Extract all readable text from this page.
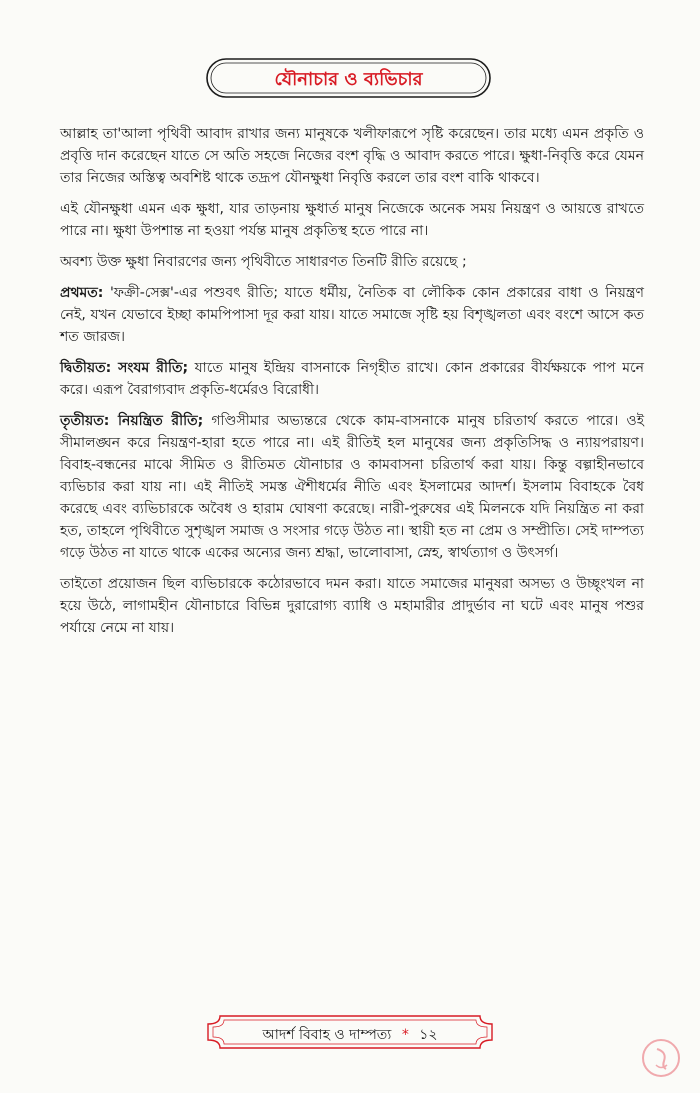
যৌনাচার ও ব্যভিচার

আল্লাহ তা'আলা পৃথিবী আবাদ রাখার জন্য মানুষকে খলীফারূপে সৃষ্টি করেছেন। তার মধ্যে এমন প্রকৃতি ও প্রবৃত্তি দান করেছেন যাতে সে অতি সহজে নিজের বংশ বৃদ্ধি ও আবাদ করতে পারে। ক্ষুধা-নিবৃত্তি করে যেমন তার নিজের অস্তিত্ব অবশিষ্ট থাকে তদ্রূপ যৌনক্ষুধা নিবৃত্তি করলে তার বংশ বাকি থাকবে।

এই যৌনক্ষুধা এমন এক ক্ষুধা, যার তাড়নায় ক্ষুধার্ত মানুষ নিজেকে অনেক সময় নিয়ন্ত্রণ ও আয়ত্তে রাখতে পারে না। ক্ষুধা উপশান্ত না হওয়া পর্যন্ত মানুষ প্রকৃতিস্থ হতে পারে না।

অবশ্য উক্ত ক্ষুধা নিবারণের জন্য পৃথিবীতে সাধারণত তিনটি রীতি রয়েছে ;

প্রথমত: 'ফক্রী-সেক্স'-এর পশুবৎ রীতি; যাতে ধর্মীয়, নৈতিক বা লৌকিক কোন প্রকারের বাধা ও নিয়ন্ত্রণ নেই, যখন যেভাবে ইচ্ছা কামপিপাসা দূর করা যায়। যাতে সমাজে সৃষ্টি হয় বিশৃঙ্খলতা এবং বংশে আসে কত শত জারজ।

দ্বিতীয়ত: সংযম রীতি; যাতে মানুষ ইন্দ্রিয় বাসনাকে নিগৃহীত রাখে। কোন প্রকারের বীর্যক্ষয়কে পাপ মনে করে। এরূপ বৈরাগ্যবাদ প্রকৃতি-ধর্মেরও বিরোধী।

তৃতীয়ত: নিয়ন্ত্রিত রীতি; গণ্ডিসীমার অভ্যন্তরে থেকে কাম-বাসনাকে মানুষ চরিতার্থ করতে পারে। ওই সীমালঙ্ঘন করে নিয়ন্ত্রণ-হারা হতে পারে না। এই রীতিই হল মানুষের জন্য প্রকৃতিসিদ্ধ ও ন্যায়পরায়ণ। বিবাহ-বন্ধনের মাঝে সীমিত ও রীতিমত যৌনাচার ও কামবাসনা চরিতার্থ করা যায়। কিন্তু বল্গাহীনভাবে ব্যভিচার করা যায় না। এই নীতিই সমস্ত ঐশীধর্মের নীতি এবং ইসলামের আদর্শ। ইসলাম বিবাহকে বৈধ করেছে এবং ব্যভিচারকে অবৈধ ও হারাম ঘোষণা করেছে। নারী-পুরুষের এই মিলনকে যদি নিয়ন্ত্রিত না করা হত, তাহলে পৃথিবীতে সুশৃঙ্খল সমাজ ও সংসার গড়ে উঠত না। স্থায়ী হত না প্রেম ও সম্প্রীতি। সেই দাম্পত্য গড়ে উঠত না যাতে থাকে একের অন্যের জন্য শ্রদ্ধা, ভালোবাসা, স্নেহ, স্বার্থত্যাগ ও উৎসর্গ।

তাইতো প্রয়োজন ছিল ব্যভিচারকে কঠোরভাবে দমন করা। যাতে সমাজের মানুষরা অসভ্য ও উচ্ছৃংখল না হয়ে উঠে, লাগামহীন যৌনাচারে বিভিন্ন দুরারোগ্য ব্যাধি ও মহামারীর প্রাদুর্ভাব না ঘটে এবং মানুষ পশুর পর্যায়ে নেমে না যায়।

আদর্শ বিবাহ ও দাম্পত্য * ১২
